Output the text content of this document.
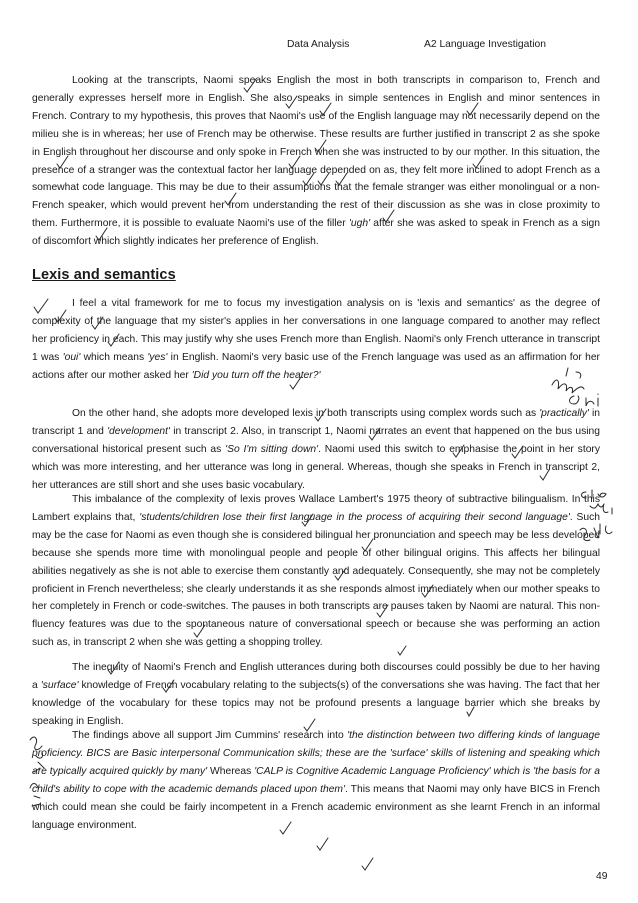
Data Analysis	A2 Language Investigation
Looking at the transcripts, Naomi speaks English the most in both transcripts in comparison to, French and generally expresses herself more in English. She also speaks in simple sentences in English and minor sentences in French. Contrary to my hypothesis, this proves that Naomi's use of the English language may not necessarily depend on the milieu she is in whereas; her use of French may be otherwise. These results are further justified in transcript 2 as she spoke in English throughout her discourse and only spoke in French when she was instructed to by our mother. In this situation, the presence of a stranger was the contextual factor her language depended on as, they felt more inclined to adopt French as a somewhat code language. This may be due to their assumptions that the female stranger was either monolingual or a non-French speaker, which would prevent her from understanding the rest of their discussion as she was in close proximity to them. Furthermore, it is possible to evaluate Naomi's use of the filler 'ugh' after she was asked to speak in French as a sign of discomfort which slightly indicates her preference of English.
Lexis and semantics
I feel a vital framework for me to focus my investigation analysis on is 'lexis and semantics' as the degree of complexity of the language that my sister's applies in her conversations in one language compared to another may reflect her proficiency in each. This may justify why she uses French more than English. Naomi's only French utterance in transcript 1 was 'oui' which means 'yes' in English. Naomi's very basic use of the French language was used as an affirmation for her actions after our mother asked her 'Did you turn off the heater?'
On the other hand, she adopts more developed lexis in both transcripts using complex words such as 'practically' in transcript 1 and 'development' in transcript 2. Also, in transcript 1, Naomi narrates an event that happened on the bus using conversational historical present such as 'So I'm sitting down'. Naomi used this switch to emphasise the point in her story which was more interesting, and her utterance was long in general. Whereas, though she speaks in French in transcript 2, her utterances are still short and she uses basic vocabulary.
This imbalance of the complexity of lexis proves Wallace Lambert's 1975 theory of subtractive bilingualism. In this Lambert explains that, 'students/children lose their first language in the process of acquiring their second language'. Such may be the case for Naomi as even though she is considered bilingual her pronunciation and speech may be less developed because she spends more time with monolingual people and people of other bilingual origins. This affects her bilingual abilities negatively as she is not able to exercise them constantly and adequately. Consequently, she may not be completely proficient in French nevertheless; she clearly understands it as she responds almost immediately when our mother speaks to her completely in French or code-switches. The pauses in both transcripts are pauses taken by Naomi are natural. This non-fluency features was due to the spontaneous nature of conversational speech or because she was performing an action such as, in transcript 2 when she was getting a shopping trolley.
The inequity of Naomi's French and English utterances during both discourses could possibly be due to her having a 'surface' knowledge of French vocabulary relating to the subjects(s) of the conversations she was having. The fact that her knowledge of the vocabulary for these topics may not be profound presents a language barrier which she breaks by speaking in English.
The findings above all support Jim Cummins' research into 'the distinction between two differing kinds of language proficiency. BICS are Basic interpersonal Communication skills; these are the 'surface' skills of listening and speaking which are typically acquired quickly by many' Whereas 'CALP is Cognitive Academic Language Proficiency' which is 'the basis for a child's ability to cope with the academic demands placed upon them'. This means that Naomi may only have BICS in French which could mean she could be fairly incompetent in a French academic environment as she learnt French in an informal language environment.
49
